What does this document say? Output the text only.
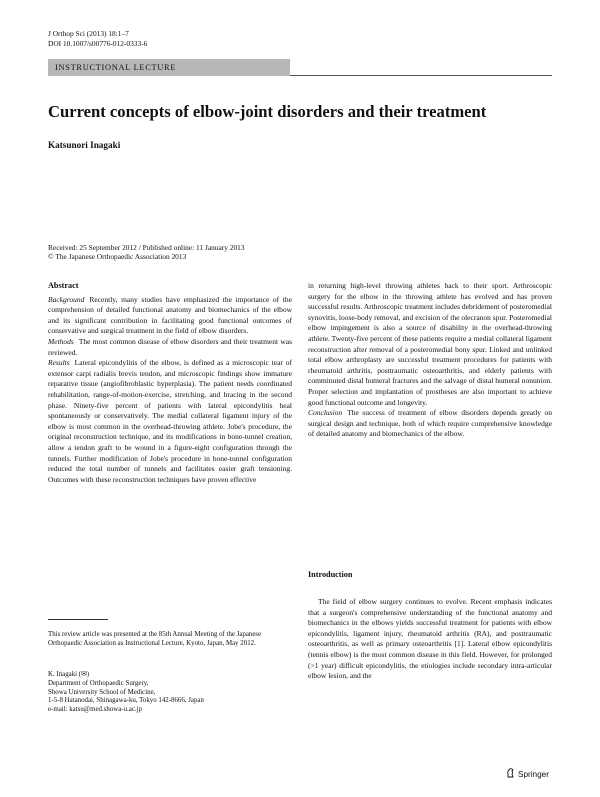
J Orthop Sci (2013) 18:1–7
DOI 10.1007/s00776-012-0333-6
INSTRUCTIONAL LECTURE
Current concepts of elbow-joint disorders and their treatment
Katsunori Inagaki
Received: 25 September 2012 / Published online: 11 January 2013
© The Japanese Orthopaedic Association 2013
Abstract

Background Recently, many studies have emphasized the importance of the comprehension of detailed functional anatomy and biomechanics of the elbow and its significant contribution in facilitating good functional outcomes of conservative and surgical treatment in the field of elbow disorders.

Methods The most common disease of elbow disorders and their treatment was reviewed.

Results Lateral epicondylitis of the elbow, is defined as a microscopic tear of extensor carpi radialis brevis tendon, and microscopic findings show immature reparative tissue (angiofibroblastic hyperplasia). The patient needs coordinated rehabilitation, range-of-motion-exercise, stretching, and bracing in the second phase. Ninety-five percent of patients with lateral epicondylitis heal spontaneously or conservatively. The medial collateral ligament injury of the elbow is most common in the overhead-throwing athlete. Jobe's procedure, the original reconstruction technique, and its modifications in bone-tunnel creation, allow a tendon graft to be wound in a figure-eight configuration through the tunnels. Further modification of Jobe's procedure in bone-tunnel configuration reduced the total number of tunnels and facilitates easier graft tensioning. Outcomes with these reconstruction techniques have proven effective

This review article was presented at the 85th Annual Meeting of the Japanese Orthopaedic Association as Instructional Lecture, Kyoto, Japan, May 2012.
K. Inagaki (✉)
Department of Orthopaedic Surgery,
Showa University School of Medicine,
1-5-8 Hatanodai, Shinagawa-ku, Tokyo 142-8666, Japan
e-mail: katsu@med.showa-u.ac.jp

in returning high-level throwing athletes back to their sport. Arthroscopic surgery for the elbow in the throwing athlete has evolved and has proven successful results. Arthroscopic treatment includes debridement of posteromedial synovitis, loose-body removal, and excision of the olecranon spur. Posteromedial elbow impingement is also a source of disability in the overhead-throwing athlete. Twenty-five percent of these patients require a medial collateral ligament reconstruction after removal of a posteromedial bony spur. Linked and unlinked total elbow arthroplasty are successful treatment procedures for patients with rheumatoid arthritis, posttraumatic osteoarthritis, and elderly patients with comminuted distal humeral fractures and the salvage of distal humeral nonunion. Proper selection and implantation of prostheses are also important to achieve good functional outcome and longevity.

Conclusion The success of treatment of elbow disorders depends greatly on surgical design and technique, both of which require comprehensive knowledge of detailed anatomy and biomechanics of the elbow.

Introduction
The field of elbow surgery continues to evolve. Recent emphasis indicates that a surgeon's comprehensive understanding of the functional anatomy and biomechanics in the elbows yields successful treatment for patients with elbow epicondylitis, ligament injury, rheumatoid arthritis (RA), and posttraumatic osteoarthritis, as well as primary osteoarthritis [1]. Lateral elbow epicondylitis (tennis elbow) is the most common disease in this field. However, for prolonged (>1 year) difficult epicondylitis, the etiologies include secondary intra-articular elbow lesion, and the
Springer
